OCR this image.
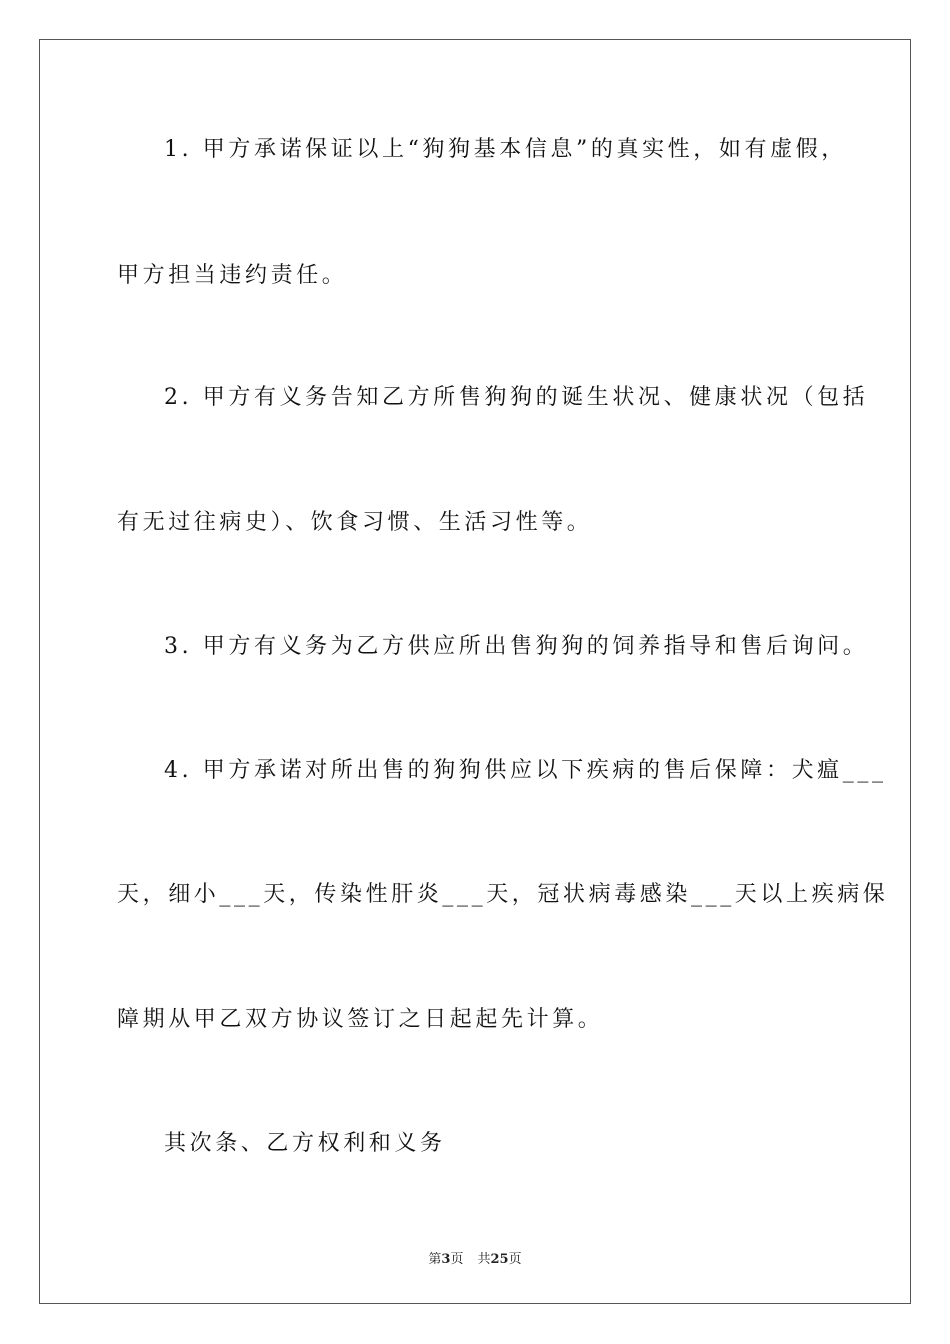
1. 甲方承诺保证以上“狗狗基本信息”的真实性，如有虚假，
甲方担当违约责任。
2. 甲方有义务告知乙方所售狗狗的诞生状况、健康状况（包括
有无过往病史）、饮食习惯、生活习性等。
3. 甲方有义务为乙方供应所出售狗狗的饲养指导和售后询问。
4. 甲方承诺对所出售的狗狗供应以下疾病的售后保障：犬瘟___
天，细小___天，传染性肝炎___天，冠状病毒感染___天以上疾病保
障期从甲乙双方协议签订之日起起先计算。
其次条、乙方权利和义务
第3页 共25页
